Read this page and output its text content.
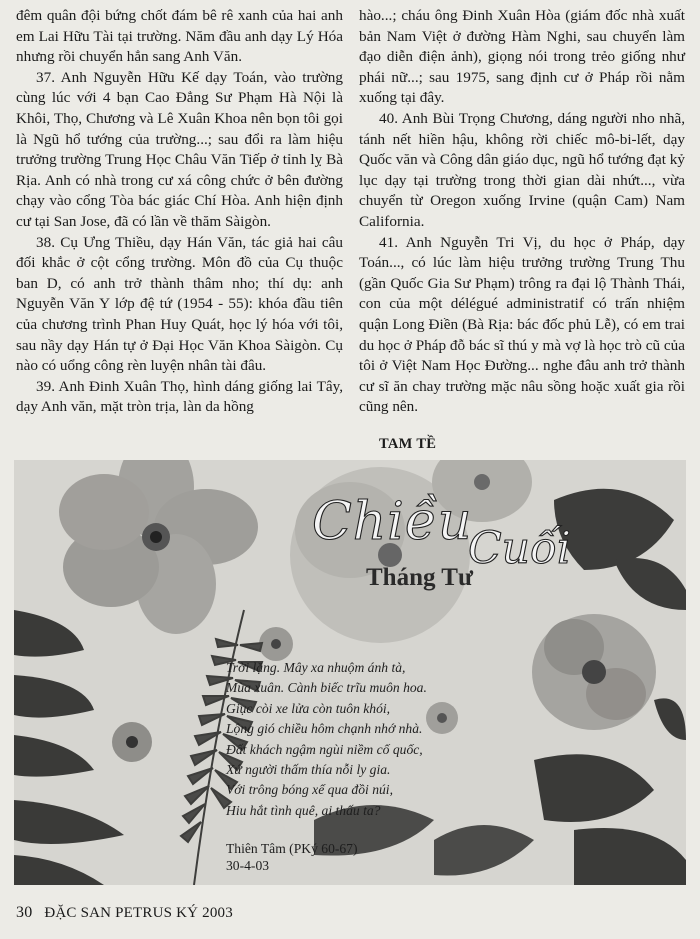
đêm quân đội bứng chốt đám bê rê xanh của hai anh em Lai Hữu Tài tại trường. Năm đầu anh dạy Lý Hóa nhưng rồi chuyển hẳn sang Anh Văn.

37. Anh Nguyễn Hữu Kế dạy Toán, vào trường cùng lúc với 4 bạn Cao Đẳng Sư Phạm Hà Nội là Khôi, Thọ, Chương và Lê Xuân Khoa nên bọn tôi gọi là Ngũ hổ tướng của trường...; sau đổi ra làm hiệu trưởng trường Trung Học Châu Văn Tiếp ở tỉnh lỵ Bà Rịa. Anh có nhà trong cư xá công chức ở bên đường chạy vào cổng Tòa bác giác Chí Hòa. Anh hiện định cư tại San Jose, đã có lần về thăm Sàigòn.

38. Cụ Ưng Thiều, dạy Hán Văn, tác giả hai câu đối khắc ở cột cổng trường. Môn đồ của Cụ thuộc ban D, có anh trở thành thâm nho; thí dụ: anh Nguyễn Văn Y lớp đệ tứ (1954 - 55): khóa đầu tiên của chương trình Phan Huy Quát, học lý hóa với tôi, sau nầy dạy Hán tự ở Đại Học Văn Khoa Sàigòn. Cụ nào có uổng công rèn luyện nhân tài đâu.

39. Anh Đinh Xuân Thọ, hình dáng giống lai Tây, dạy Anh văn, mặt tròn trịa, làn da hồng

hào...; cháu ông Đinh Xuân Hòa (giám đốc nhà xuất bản Nam Việt ở đường Hàm Nghi, sau chuyển làm đạo diễn điện ảnh), giọng nói trong trẻo giống như phái nữ...; sau 1975, sang định cư ở Pháp rồi nằm xuống tại đây.

40. Anh Bùi Trọng Chương, dáng người nho nhã, tánh nết hiền hậu, không rời chiếc mô-bi-lết, dạy Quốc văn và Công dân giáo dục, ngũ hổ tướng đạt kỷ lục dạy tại trường trong thời gian dài nhứt..., vừa chuyển từ Oregon xuống Irvine (quận Cam) Nam California.

41. Anh Nguyễn Tri Vị, du học ở Pháp, dạy Toán..., có lúc làm hiệu trưởng trường Trung Thu (gần Quốc Gia Sư Phạm) trông ra đại lộ Thành Thái, con của một délégué administratif có trấn nhiệm quận Long Điền (Bà Rịa: bác đốc phủ Lễ), có em trai du học ở Pháp đỗ bác sĩ thú y mà vợ là học trò cũ của tôi ở Việt Nam Học Đường... nghe đâu anh trở thành cư sĩ ăn chay trường mặc nâu sồng hoặc xuất gia rồi cũng nên.

TAM TỀ

Chiều
Cuối
Tháng Tư
Trời lặng. Mây xa nhuộm ánh tà,
Mùa xuân. Cành biếc trĩu muôn hoa.
Giục còi xe lửa còn tuôn khói,
Lộng gió chiều hôm chạnh nhớ nhà.
Đất khách ngậm ngùi niềm cố quốc,
Xứ người thấm thía nỗi ly gia.
Với trông bóng xế qua đồi núi,
Hiu hắt tình quê, ai thấu ta?
Thiên Tâm (PKý 60-67)
30-4-03
30 ĐẶC SAN PETRUS KÝ 2003
